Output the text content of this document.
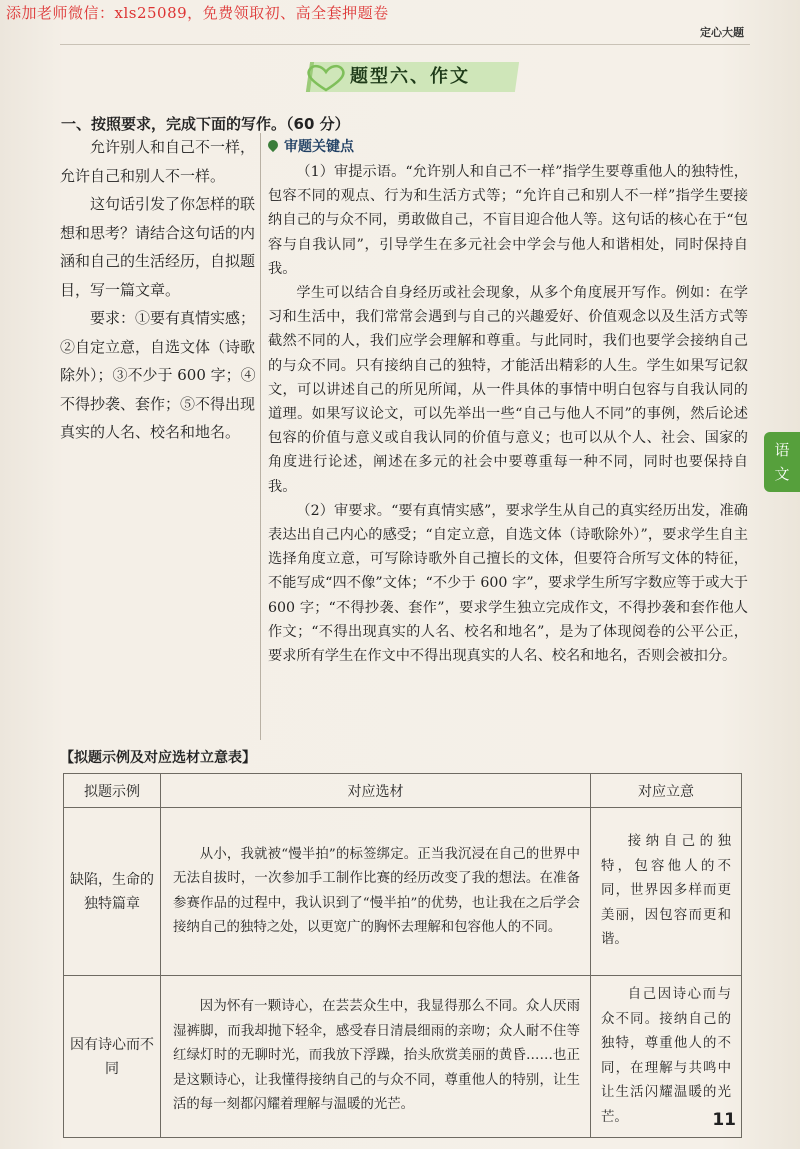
添加老师微信：xls25089，免费领取初、高全套押题卷
定心大题
题型六、作文
一、按照要求，完成下面的写作。（60 分）

允许别人和自己不一样，允许自己和别人不一样。

这句话引发了你怎样的联想和思考？请结合这句话的内涵和自己的生活经历，自拟题目，写一篇文章。

要求：①要有真情实感；②自定立意，自选文体（诗歌除外）；③不少于 600 字；④不得抄袭、套作；⑤不得出现真实的人名、校名和地名。

审题关键点

（1）审提示语。“允许别人和自己不一样”指学生要尊重他人的独特性，包容不同的观点、行为和生活方式等；“允许自己和别人不一样”指学生要接纳自己的与众不同，勇敢做自己，不盲目迎合他人等。这句话的核心在于“包容与自我认同”，引导学生在多元社会中学会与他人和谐相处，同时保持自我。

学生可以结合自身经历或社会现象，从多个角度展开写作。例如：在学习和生活中，我们常常会遇到与自己的兴趣爱好、价值观念以及生活方式等截然不同的人，我们应学会理解和尊重。与此同时，我们也要学会接纳自己的与众不同。只有接纳自己的独特，才能活出精彩的人生。学生如果写记叙文，可以讲述自己的所见所闻，从一件具体的事情中明白包容与自我认同的道理。如果写议论文，可以先举出一些“自己与他人不同”的事例，然后论述包容的价值与意义或自我认同的价值与意义；也可以从个人、社会、国家的角度进行论述，阐述在多元的社会中要尊重每一种不同，同时也要保持自我。

（2）审要求。“要有真情实感”，要求学生从自己的真实经历出发，准确表达出自己内心的感受；“自定立意，自选文体（诗歌除外）”，要求学生自主选择角度立意，可写除诗歌外自己擅长的文体，但要符合所写文体的特征，不能写成“四不像”文体；“不少于 600 字”，要求学生所写字数应等于或大于 600 字；“不得抄袭、套作”，要求学生独立完成作文，不得抄袭和套作他人作文；“不得出现真实的人名、校名和地名”，是为了体现阅卷的公平公正，要求所有学生在作文中不得出现真实的人名、校名和地名，否则会被扣分。

语
文
【拟题示例及对应选材立意表】
拟题示例	对应选材	对应立意
缺陷，生命的独特篇章	从小，我就被“慢半拍”的标签绑定。正当我沉浸在自己的世界中无法自拔时，一次参加手工制作比赛的经历改变了我的想法。在准备参赛作品的过程中，我认识到了“慢半拍”的优势，也让我在之后学会接纳自己的独特之处，以更宽广的胸怀去理解和包容他人的不同。	接纳自己的独特，包容他人的不同，世界因多样而更美丽，因包容而更和谐。

因有诗心而不同	因为怀有一颗诗心，在芸芸众生中，我显得那么不同。众人厌雨湿裤脚，而我却抛下轻伞，感受春日清晨细雨的亲吻；众人耐不住等红绿灯时的无聊时光，而我放下浮躁，抬头欣赏美丽的黄昏……也正是这颗诗心，让我懂得接纳自己的与众不同，尊重他人的特别，让生活的每一刻都闪耀着理解与温暖的光芒。	自己因诗心而与众不同。接纳自己的独特，尊重他人的不同，在理解与共鸣中让生活闪耀温暖的光芒。	11
